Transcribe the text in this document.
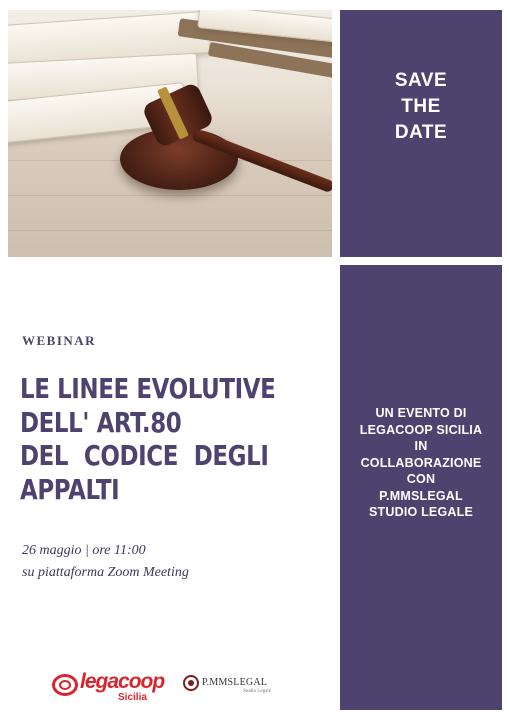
SAVE
THE
DATE
UN EVENTO DI
LEGACOOP SICILIA
IN
COLLABORAZIONE
CON
P.MMSLEGAL
STUDIO LEGALE
WEBINAR
LE LINEE EVOLUTIVE
DELL' ART.80
DEL CODICE DEGLI
APPALTI
26 maggio | ore 11:00
su piattaforma Zoom Meeting
legacoop
Sicilia
P.MMSLEGAL
Studio Legale
